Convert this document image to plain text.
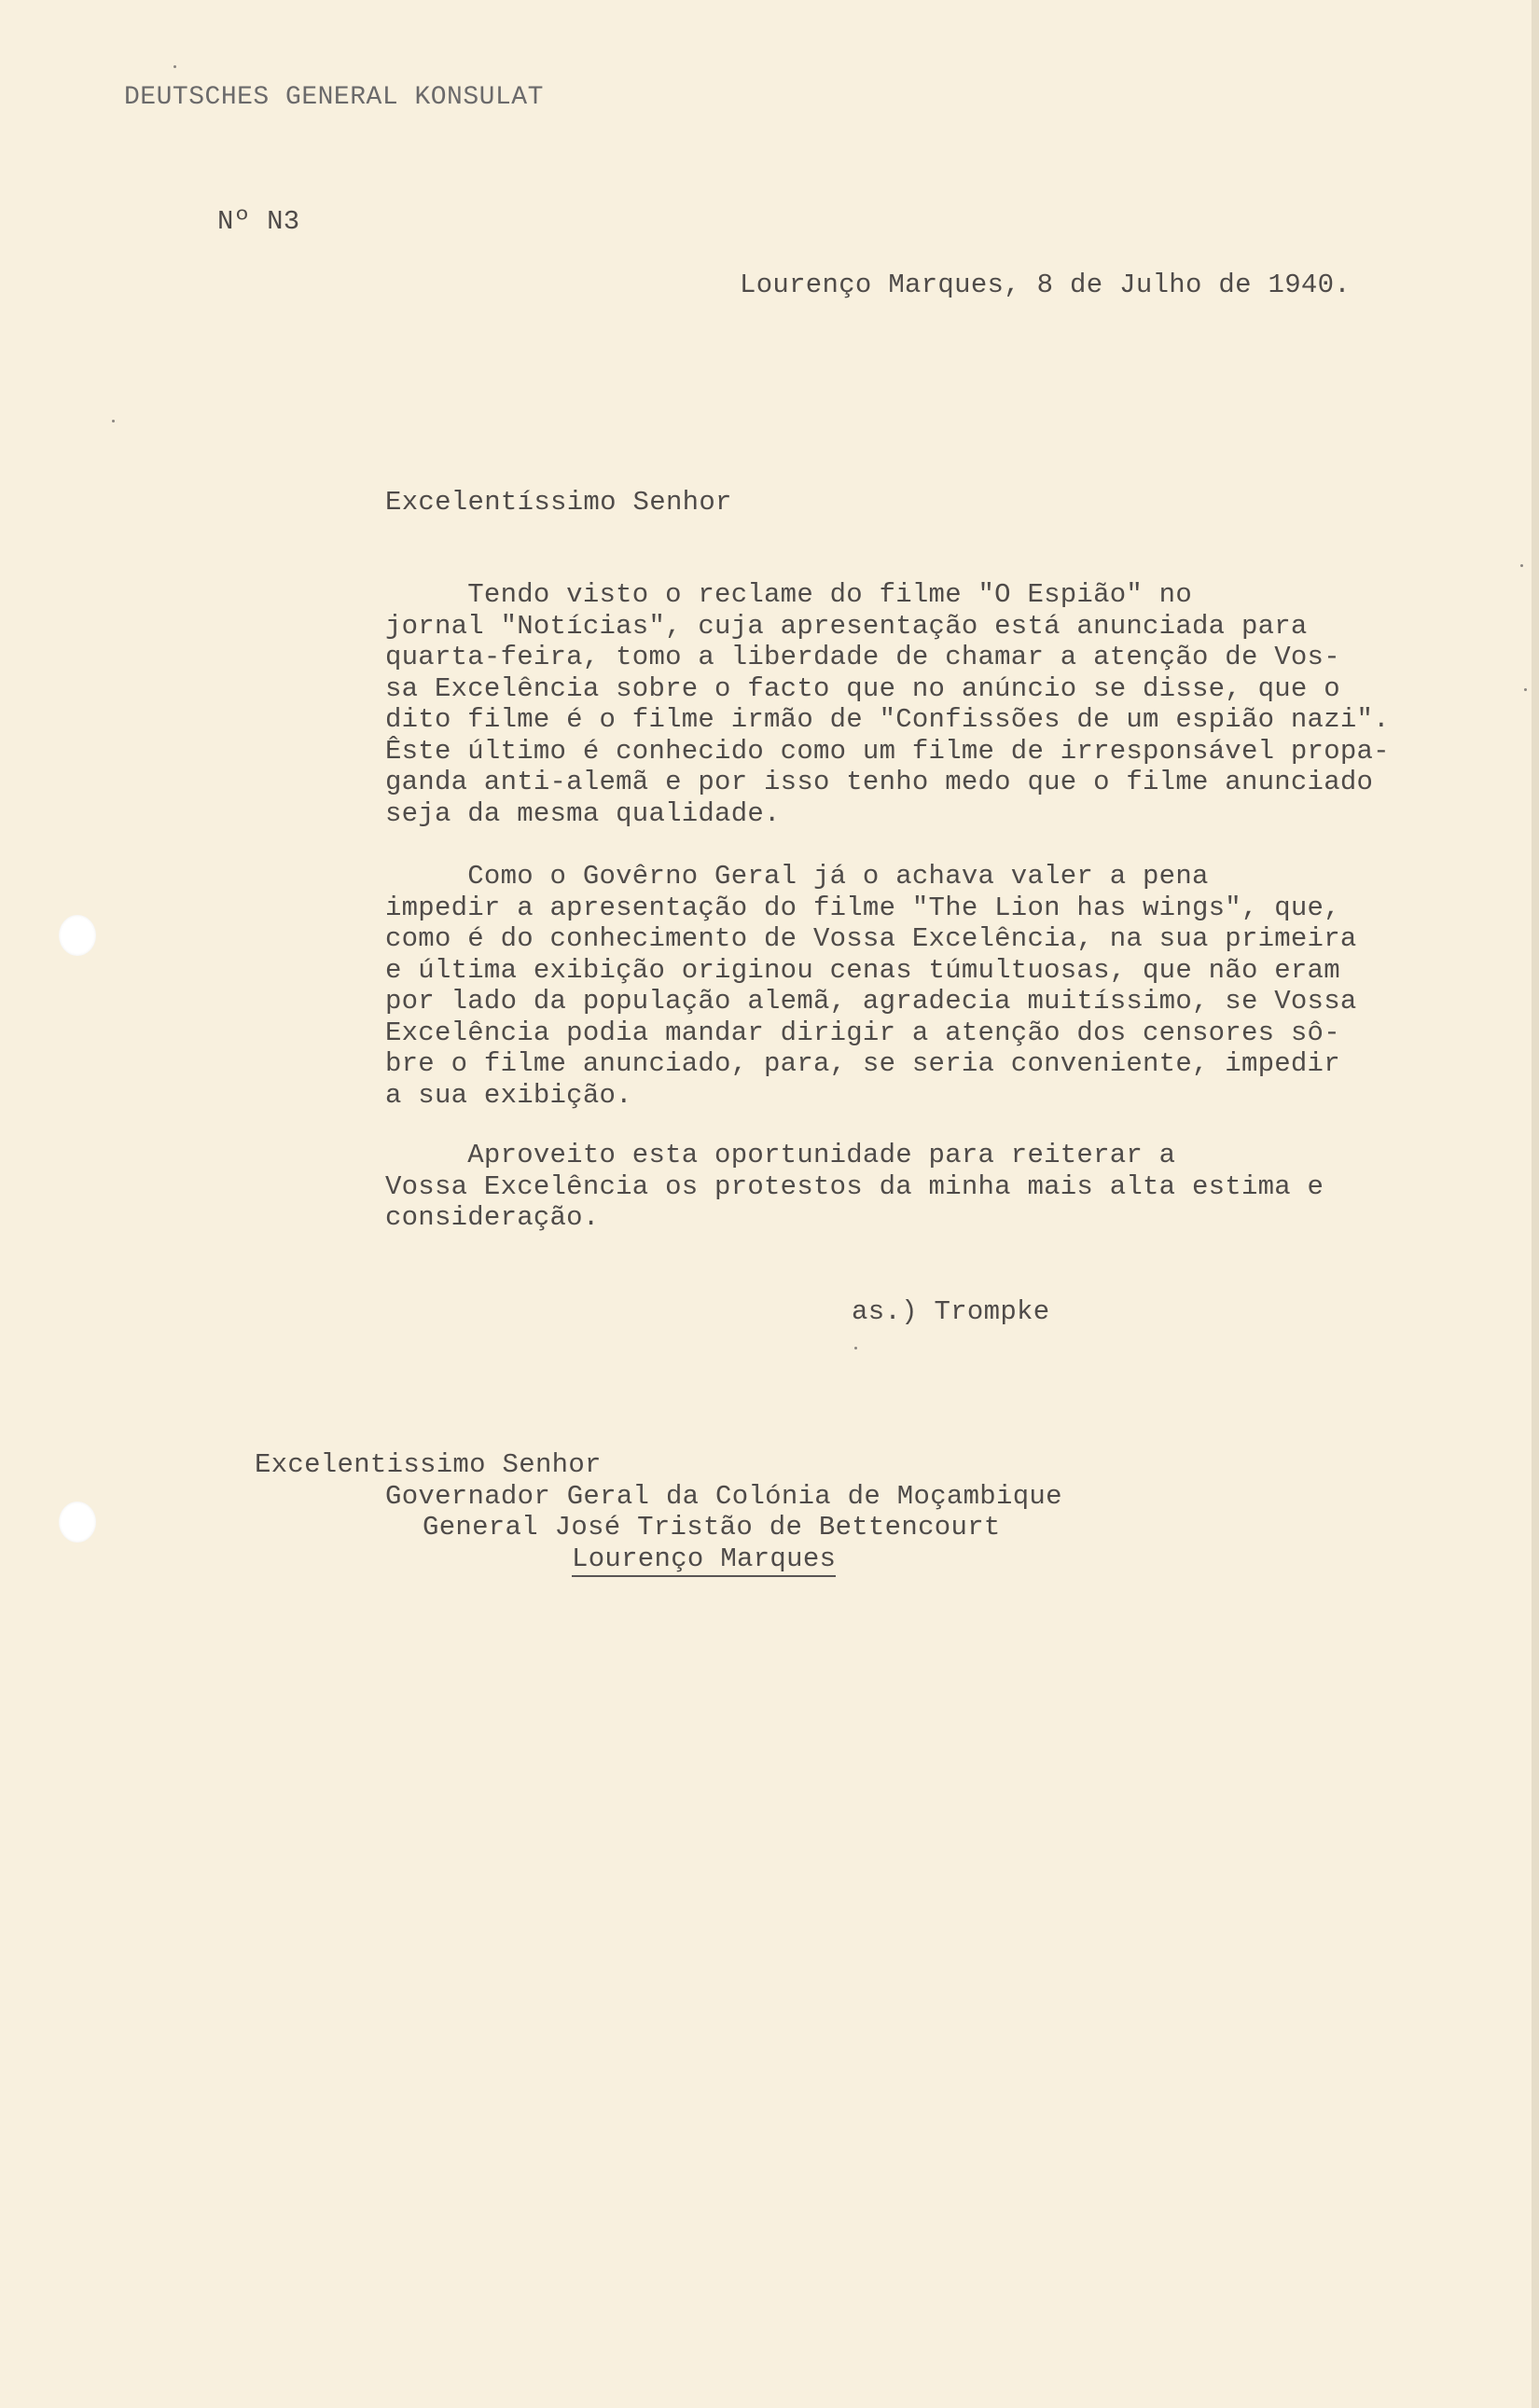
DEUTSCHES GENERAL KONSULAT
Nº N3
Lourenço Marques, 8 de Julho de 1940.
Excelentíssimo Senhor
Tendo visto o reclame do filme "O Espião" no
jornal "Notícias", cuja apresentação está anunciada para
quarta-feira, tomo a liberdade de chamar a atenção de Vos-
sa Excelência sobre o facto que no anúncio se disse, que o
dito filme é o filme irmão de "Confissões de um espião nazi".
Êste último é conhecido como um filme de irresponsável propa-
ganda anti-alemã e por isso tenho medo que o filme anunciado
seja da mesma qualidade.
Como o Govêrno Geral já o achava valer a pena
impedir a apresentação do filme "The Lion has wings", que,
como é do conhecimento de Vossa Excelência, na sua primeira
e última exibição originou cenas túmultuosas, que não eram
por lado da população alemã, agradecia muitíssimo, se Vossa
Excelência podia mandar dirigir a atenção dos censores sô-
bre o filme anunciado, para, se seria conveniente, impedir
a sua exibição.
Aproveito esta oportunidade para reiterar a
Vossa Excelência os protestos da minha mais alta estima e
consideração.
as.) Trompke
Excelentissimo Senhor
Governador Geral da Colónia de Moçambique
General José Tristão de Bettencourt
Lourenço Marques
